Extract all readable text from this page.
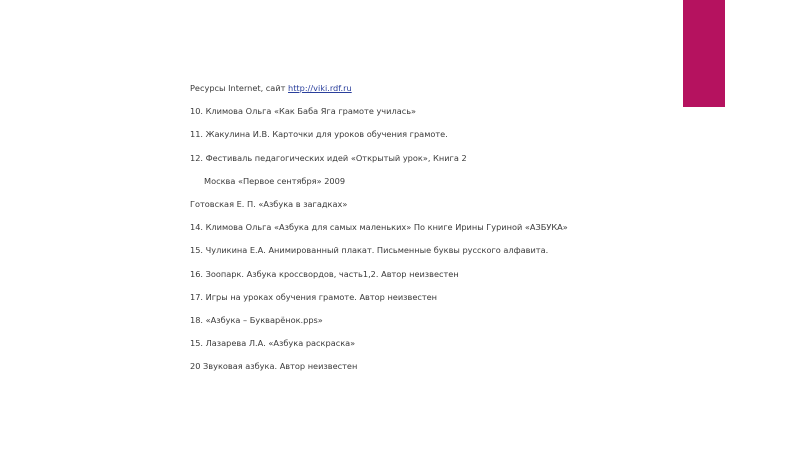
Ресурсы Internet, сайт http://viki.rdf.ru
10. Климова Ольга «Как Баба Яга грамоте училась»
11. Жакулина И.В. Карточки для уроков обучения грамоте.
12. Фестиваль педагогических идей «Открытый урок», Книга 2
Москва «Первое сентября» 2009
Готовская Е. П. «Азбука в загадках»
14. Климова Ольга «Азбука для самых маленьких» По книге Ирины Гуриной «АЗБУКА»
15. Чуликина Е.А. Анимированный плакат. Письменные буквы русского алфавита.
16. Зоопарк. Азбука кроссвордов, часть1,2. Автор неизвестен
17. Игры на уроках обучения грамоте. Автор неизвестен
18. «Азбука – Букварёнок.pps»
15. Лазарева Л.А. «Азбука раскраска»
20 Звуковая азбука. Автор неизвестен
